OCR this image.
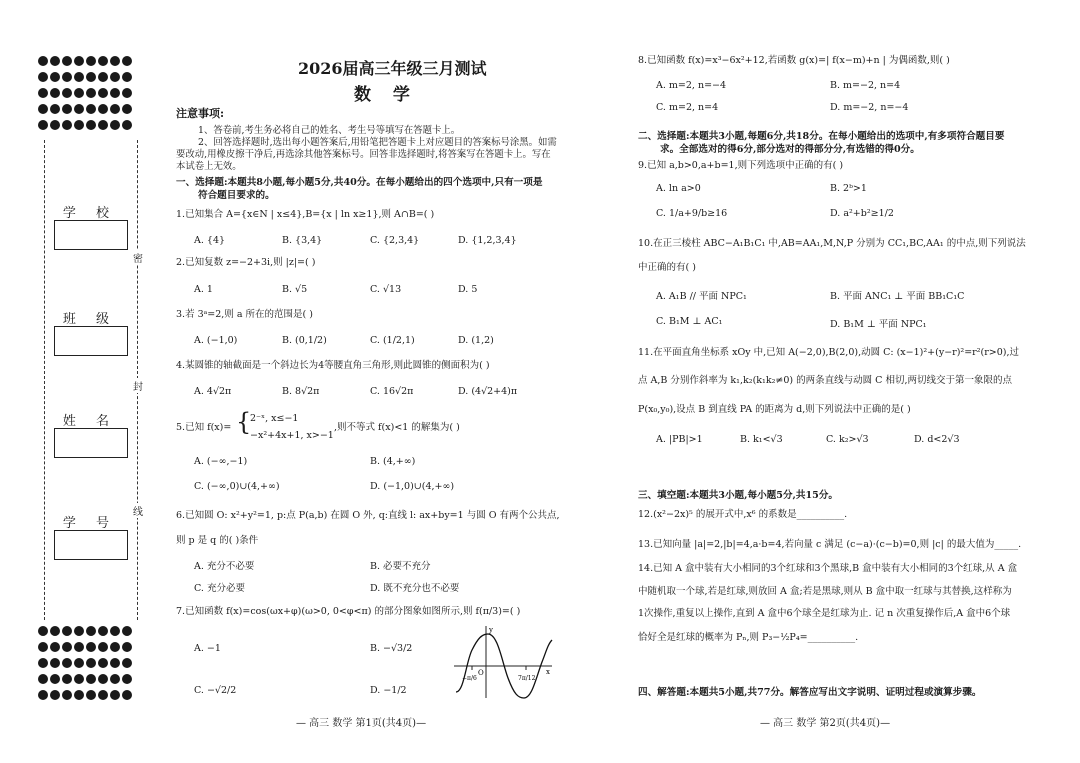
学 校
班 级
姓 名
学 号
密
封
线
2026届高三年级三月测试
数 学
注意事项:
1、答卷前,考生务必将自己的姓名、考生号等填写在答题卡上。
2、回答选择题时,选出每小题答案后,用铅笔把答题卡上对应题目的答案标号涂黑。如需
要改动,用橡皮擦干净后,再选涂其他答案标号。回答非选择题时,将答案写在答题卡上。写在
本试卷上无效。
一、选择题:本题共8小题,每小题5分,共40分。在每小题给出的四个选项中,只有一项是
符合题目要求的。
1.已知集合 A={x∈N | x≤4},B={x | ln x≥1},则 A∩B=( )
A. {4}	B. {3,4}	C. {2,3,4}	D. {1,2,3,4}
2.已知复数 z=−2+3i,则 |z|=( )
A. 1	B. √5	C. √13	D. 5
3.若 3ᵃ=2,则 a 所在的范围是( )
A. (−1,0)	B. (0,1/2)	C. (1/2,1)	D. (1,2)
4.某圆锥的轴截面是一个斜边长为4等腰直角三角形,则此圆锥的侧面积为( )
A. 4√2π	B. 8√2π	C. 16√2π	D. (4√2+4)π
5.已知 f(x)= {
2⁻ˣ, x≤−1
−x²+4x+1, x>−1
,则不等式 f(x)<1 的解集为( )
A. (−∞,−1)	B. (4,+∞)
C. (−∞,0)∪(4,+∞)	D. (−1,0)∪(4,+∞)
6.已知圆 O: x²+y²=1, p:点 P(a,b) 在圆 O 外, q:直线 l: ax+by=1 与圆 O 有两个公共点,
则 p 是 q 的( )条件
A. 充分不必要	B. 必要不充分
C. 充分必要	D. 既不充分也不必要
7.已知函数 f(x)=cos(ωx+φ)(ω>0, 0<φ<π) 的部分图象如图所示,则 f(π/3)=( )
A. −1	B. −√3/2
C. −√2/2	D. −1/2
y
x
O
−π/6	7π/12
— 高三 数学 第1页(共4页)—
8.已知函数 f(x)=x³−6x²+12,若函数 g(x)=| f(x−m)+n | 为偶函数,则( )
A. m=2, n=−4	B. m=−2, n=4
C. m=2, n=4	D. m=−2, n=−4
二、选择题:本题共3小题,每题6分,共18分。在每小题给出的选项中,有多项符合题目要
求。全部选对的得6分,部分选对的得部分分,有选错的得0分。
9.已知 a,b>0,a+b=1,则下列选项中正确的有( )
A. ln a>0	B. 2ᵇ>1
C. 1/a+9/b≥16	D. a²+b²≥1/2
10.在正三棱柱 ABC−A₁B₁C₁ 中,AB=AA₁,M,N,P 分别为 CC₁,BC,AA₁ 的中点,则下列说法
中正确的有( )
A. A₁B // 平面 NPC₁	B. 平面 ANC₁ ⊥ 平面 BB₁C₁C
C. B₁M ⊥ AC₁	D. B₁M ⊥ 平面 NPC₁
11.在平面直角坐标系 xOy 中,已知 A(−2,0),B(2,0),动圆 C: (x−1)²+(y−r)²=r²(r>0),过
点 A,B 分别作斜率为 k₁,k₂(k₁k₂≠0) 的两条直线与动圆 C 相切,两切线交于第一象限的点
P(x₀,y₀),设点 B 到直线 PA 的距离为 d,则下列说法中正确的是( )
A. |PB|>1	B. k₁<√3	C. k₂>√3	D. d<2√3
三、填空题:本题共3小题,每小题5分,共15分。
12.(x²−2x)⁵ 的展开式中,x⁶ 的系数是__________.
13.已知向量 |a|=2,|b|=4,a·b=4,若向量 c 满足 (c−a)·(c−b)=0,则 |c| 的最大值为_____.
14.已知 A 盒中装有大小相同的3个红球和3个黑球,B 盒中装有大小相同的3个红球,从 A 盒
中随机取一个球,若是红球,则放回 A 盒;若是黑球,则从 B 盒中取一红球与其替换,这样称为
1次操作,重复以上操作,直到 A 盒中6个球全是红球为止. 记 n 次重复操作后,A 盒中6个球
恰好全是红球的概率为 Pₙ,则 P₃−½P₄=__________.
四、解答题:本题共5小题,共77分。解答应写出文字说明、证明过程或演算步骤。
— 高三 数学 第2页(共4页)—
